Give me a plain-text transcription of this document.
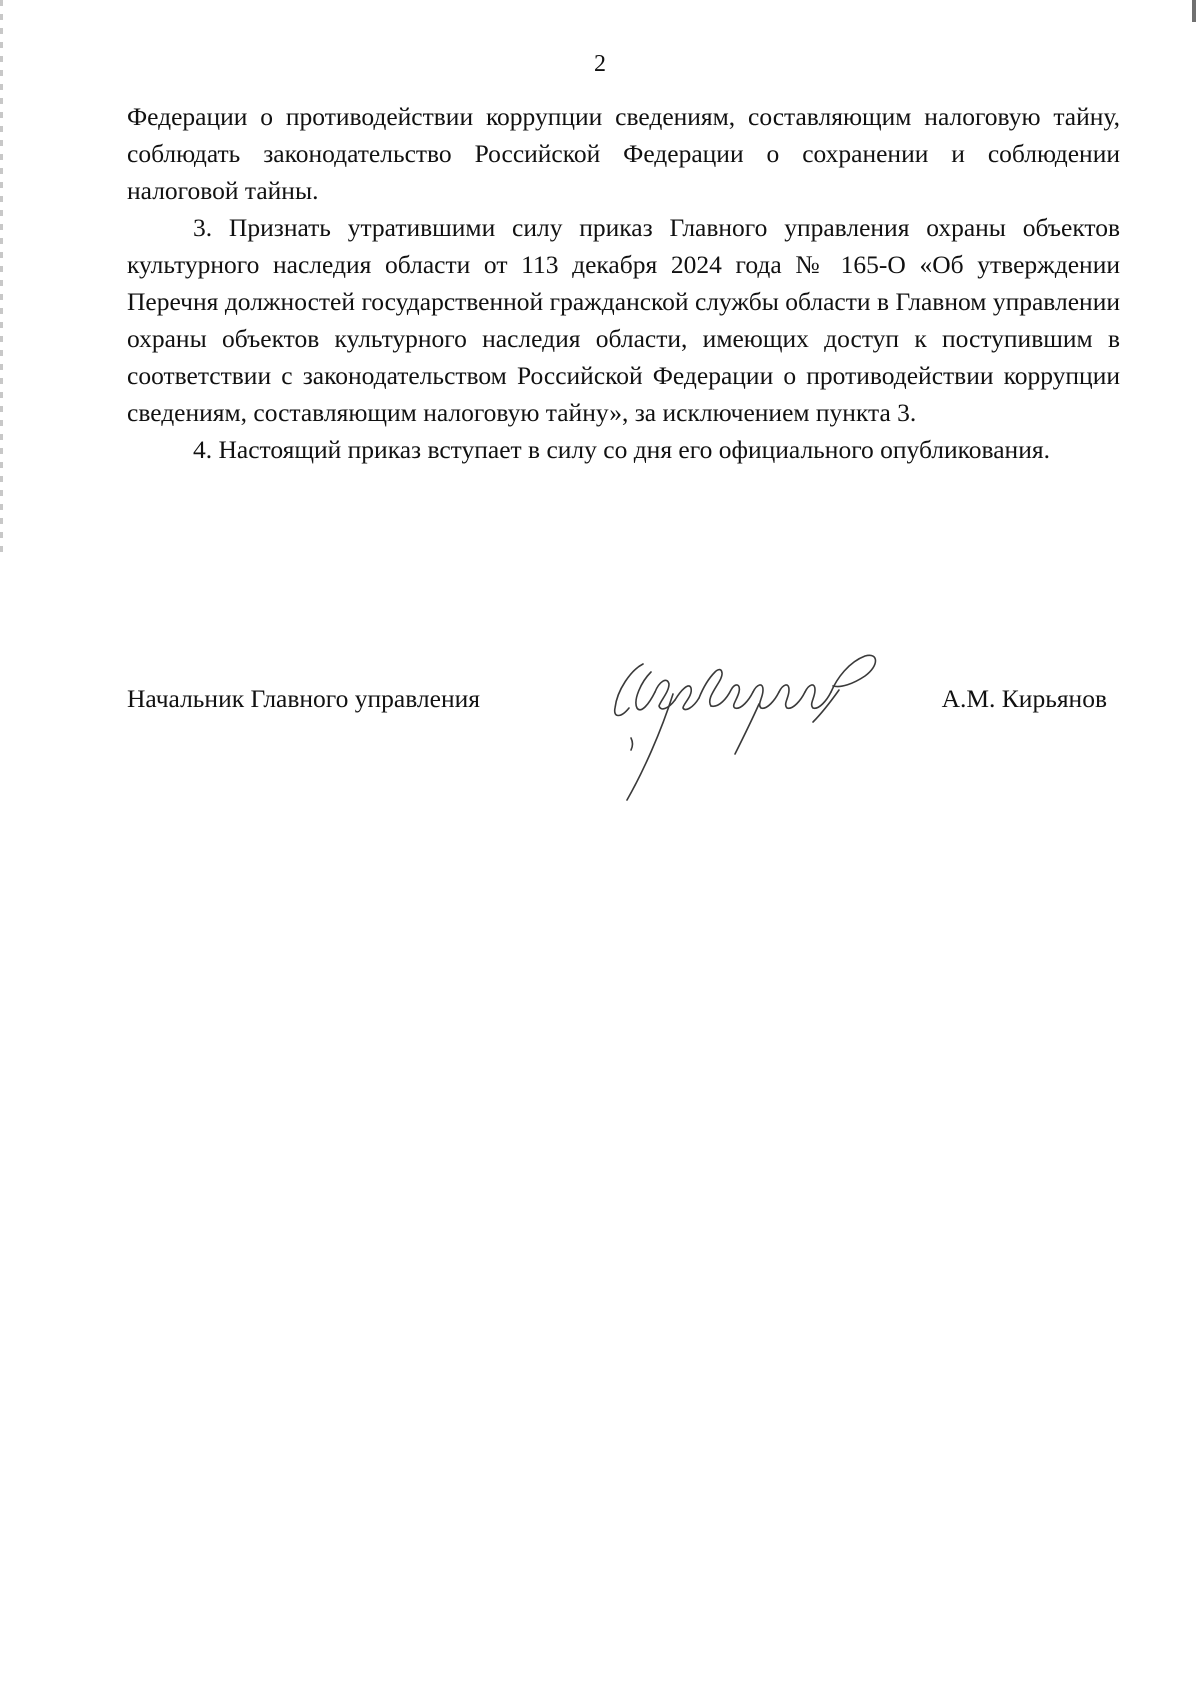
2

Федерации о противодействии коррупции сведениям, составляющим налоговую тайну, соблюдать законодательство Российской Федерации о сохранении и соблюдении налоговой тайны.

3. Признать утратившими силу приказ Главного управления охраны объектов культурного наследия области от 113 декабря 2024 года № 165-О «Об утверждении Перечня должностей государственной гражданской службы области в Главном управлении охраны объектов культурного наследия области, имеющих доступ к поступившим в соответствии с законодательством Российской Федерации о противодействии коррупции сведениям, составляющим налоговую тайну», за исключением пункта 3.

4. Настоящий приказ вступает в силу со дня его официального опубликования.

Начальник Главного управления	А.М. Кирьянов
